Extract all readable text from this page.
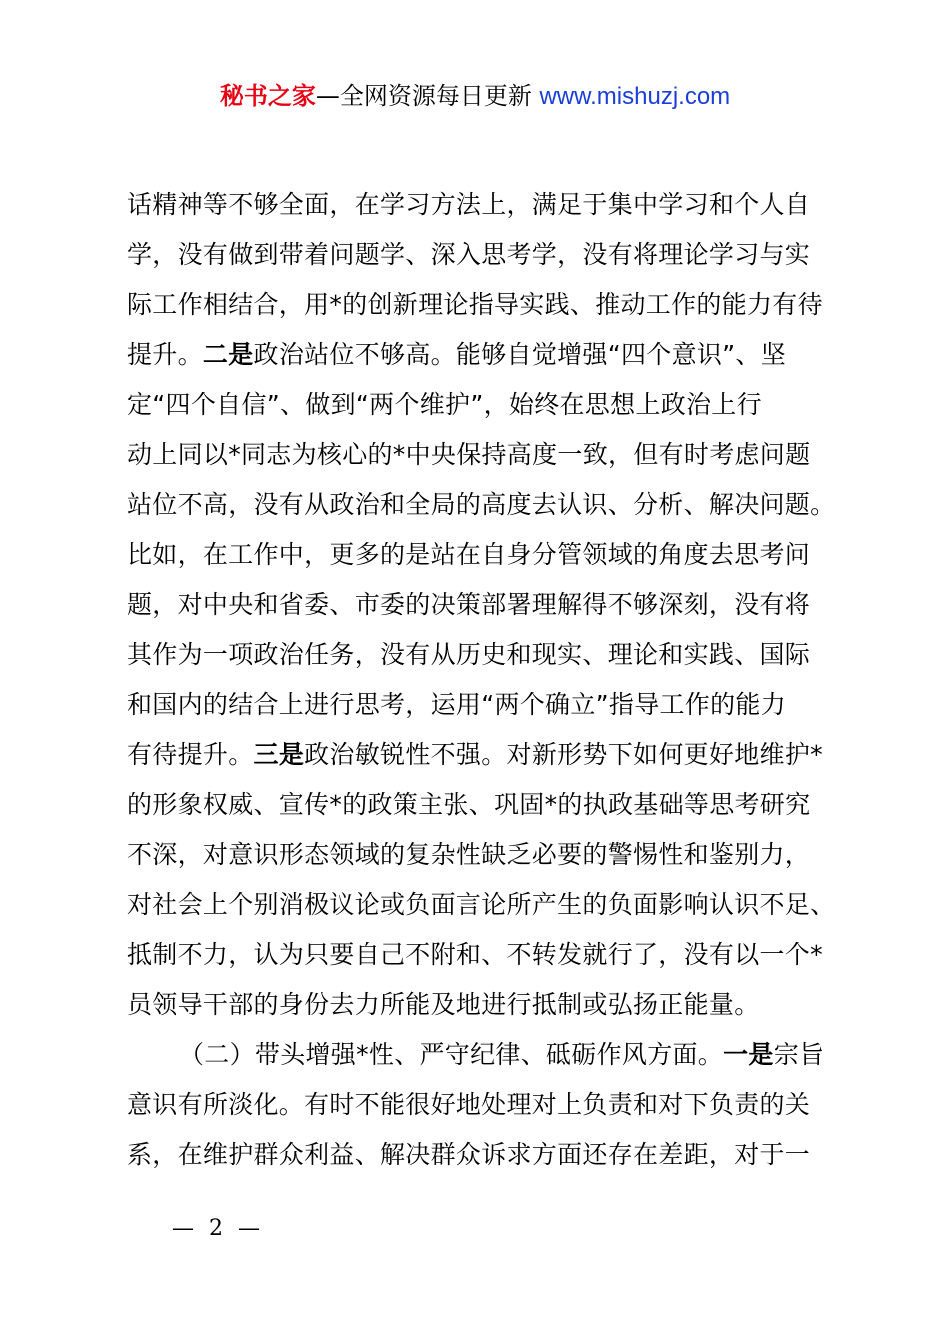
秘书之家—全网资源每日更新 www.mishuzj.com
话精神等不够全面，在学习方法上，满足于集中学习和个人自
学，没有做到带着问题学、深入思考学，没有将理论学习与实
际工作相结合，用*的创新理论指导实践、推动工作的能力有待
提升。二是政治站位不够高。能够自觉增强“四个意识”、坚
定“四个自信”、做到“两个维护”，始终在思想上政治上行
动上同以*同志为核心的*中央保持高度一致，但有时考虑问题
站位不高，没有从政治和全局的高度去认识、分析、解决问题。
比如，在工作中，更多的是站在自身分管领域的角度去思考问
题，对中央和省委、市委的决策部署理解得不够深刻，没有将
其作为一项政治任务，没有从历史和现实、理论和实践、国际
和国内的结合上进行思考，运用“两个确立”指导工作的能力
有待提升。三是政治敏锐性不强。对新形势下如何更好地维护*
的形象权威、宣传*的政策主张、巩固*的执政基础等思考研究
不深，对意识形态领域的复杂性缺乏必要的警惕性和鉴别力，
对社会上个别消极议论或负面言论所产生的负面影响认识不足、
抵制不力，认为只要自己不附和、不转发就行了，没有以一个*
员领导干部的身份去力所能及地进行抵制或弘扬正能量。
（二）带头增强*性、严守纪律、砥砺作风方面。一是宗旨
意识有所淡化。有时不能很好地处理对上负责和对下负责的关
系，在维护群众利益、解决群众诉求方面还存在差距，对于一
— 2 —
